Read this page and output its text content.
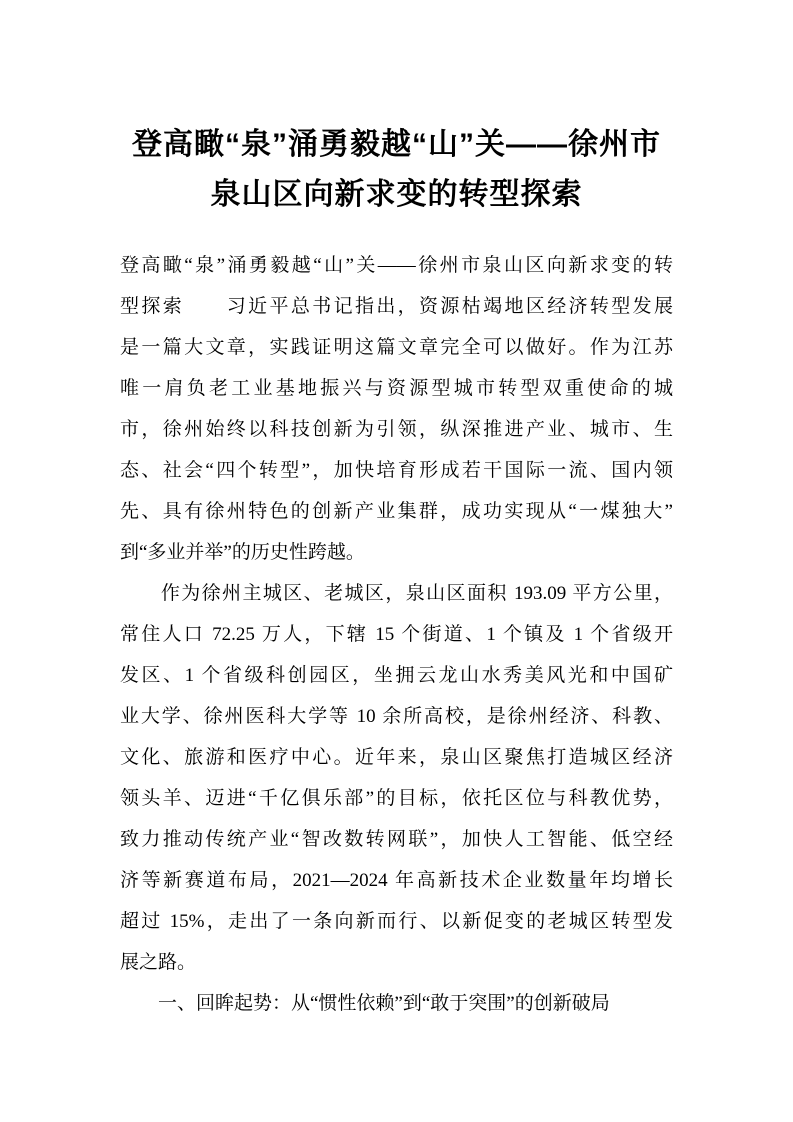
登高瞰“泉”涌勇毅越“山”关——徐州市
泉山区向新求变的转型探索
登高瞰“泉”涌勇毅越“山”关——徐州市泉山区向新求变的转
型探索　　习近平总书记指出，资源枯竭地区经济转型发展
是一篇大文章，实践证明这篇文章完全可以做好。作为江苏
唯一肩负老工业基地振兴与资源型城市转型双重使命的城
市，徐州始终以科技创新为引领，纵深推进产业、城市、生
态、社会“四个转型”，加快培育形成若干国际一流、国内领
先、具有徐州特色的创新产业集群，成功实现从“一煤独大”
到“多业并举”的历史性跨越。
　　作为徐州主城区、老城区，泉山区面积 193.09 平方公里，
常住人口 72.25 万人，下辖 15 个街道、1 个镇及 1 个省级开
发区、1 个省级科创园区，坐拥云龙山水秀美风光和中国矿
业大学、徐州医科大学等 10 余所高校，是徐州经济、科教、
文化、旅游和医疗中心。近年来，泉山区聚焦打造城区经济
领头羊、迈进“千亿俱乐部”的目标，依托区位与科教优势，
致力推动传统产业“智改数转网联”，加快人工智能、低空经
济等新赛道布局，2021—2024 年高新技术企业数量年均增长
超过 15%，走出了一条向新而行、以新促变的老城区转型发
展之路。
　　一、回眸起势：从“惯性依赖”到“敢于突围”的创新破局
